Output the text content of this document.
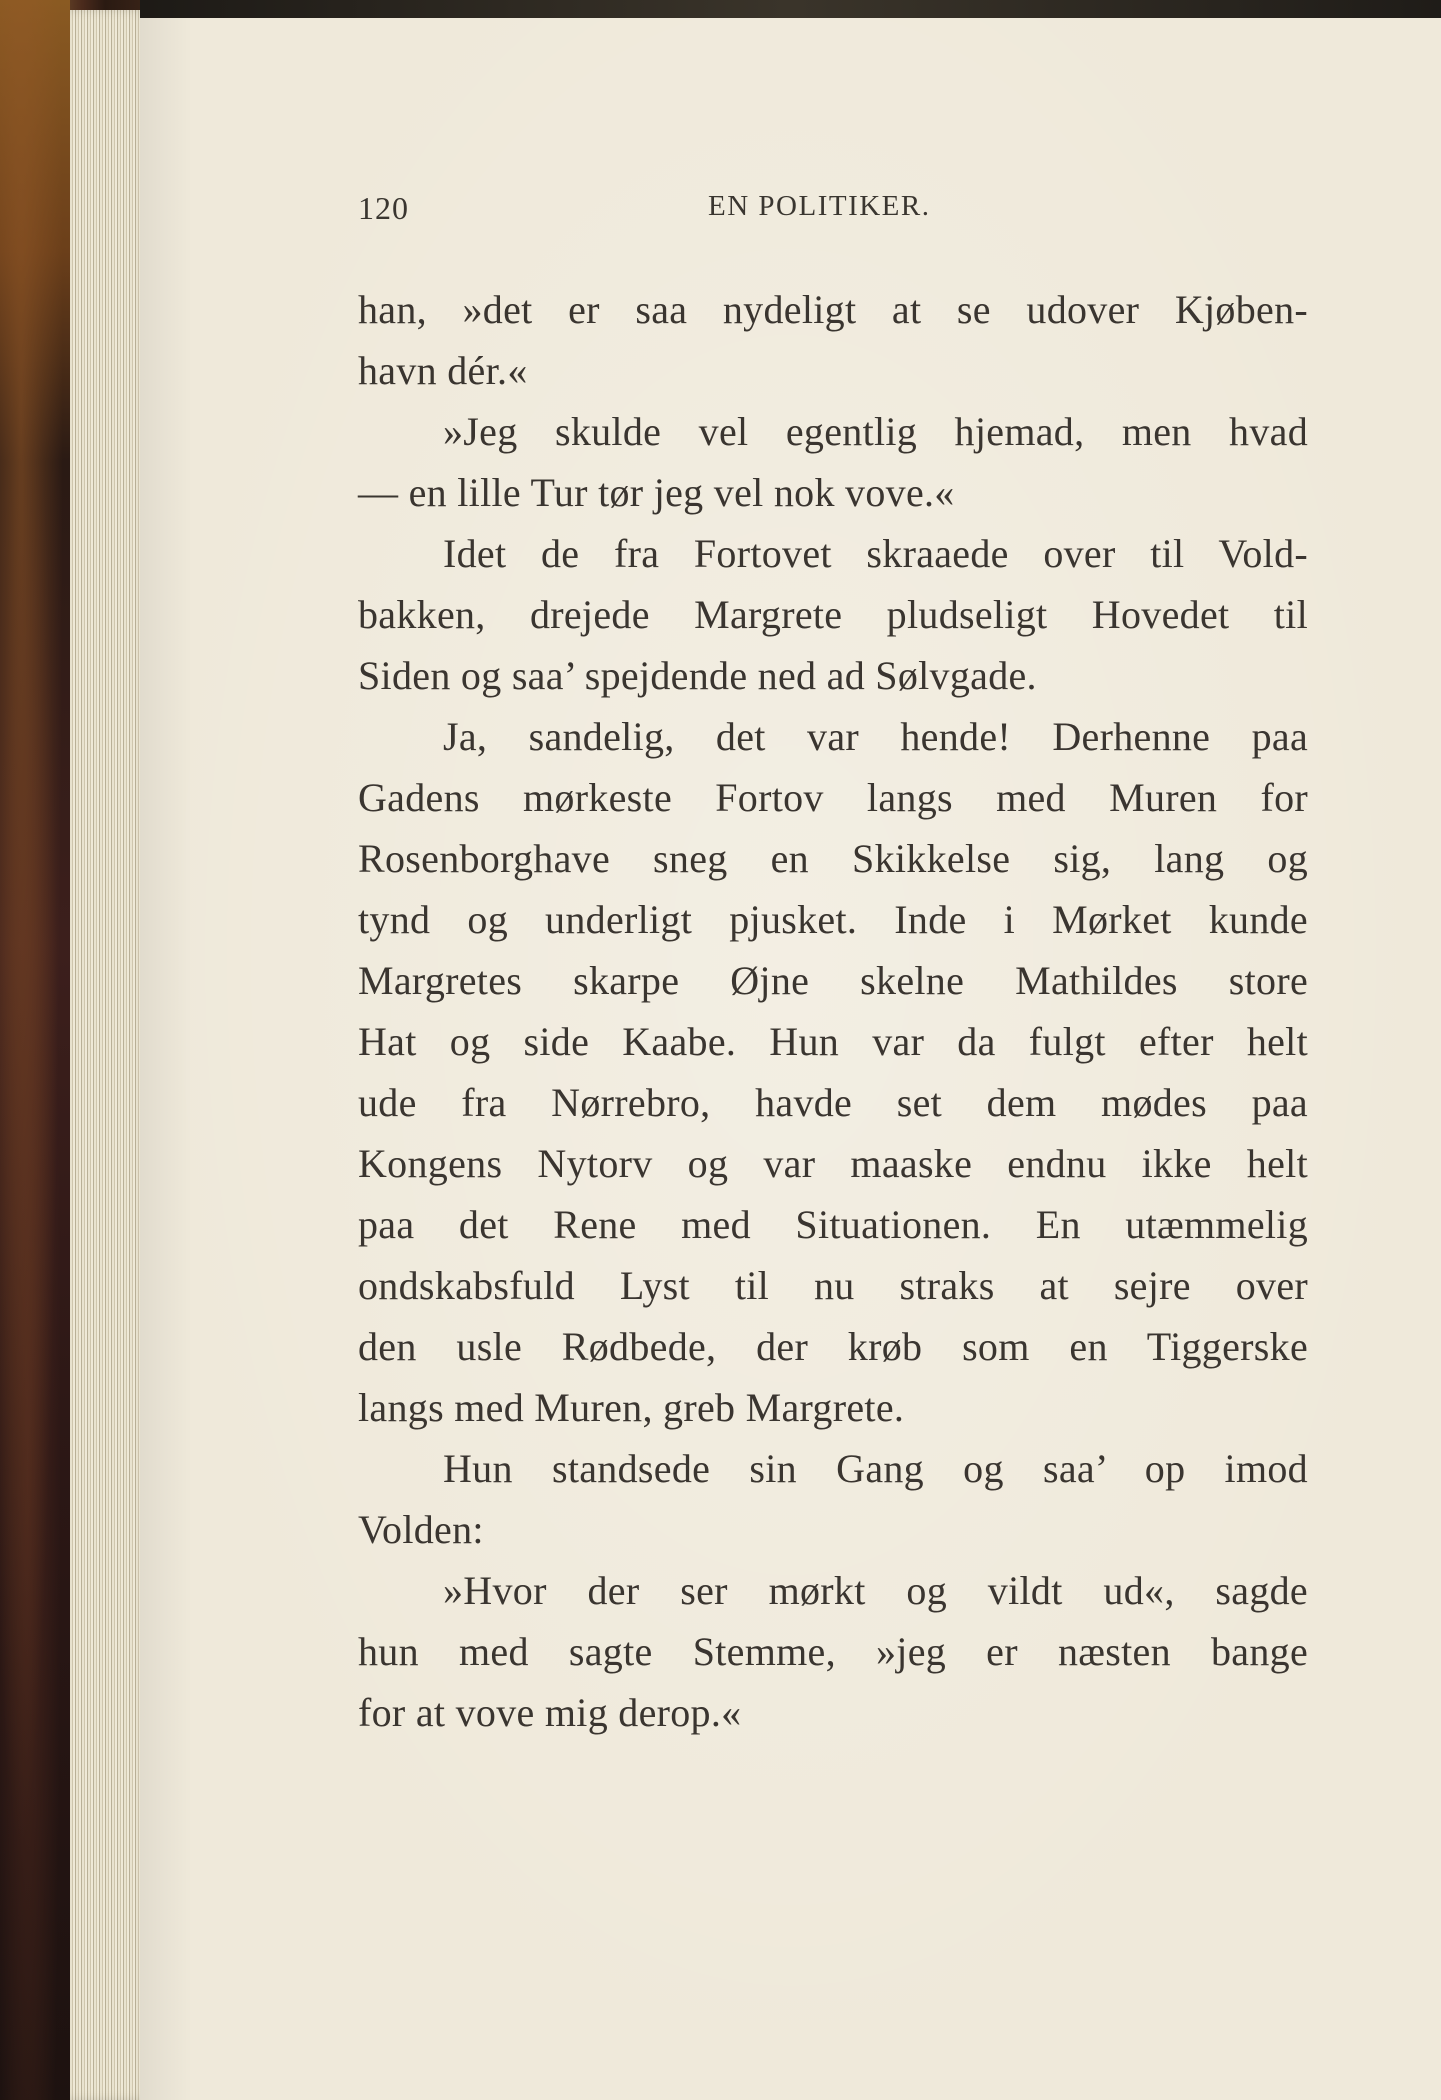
120	EN POLITIKER.
han, »det er saa nydeligt at se udover Kjøben-
havn dér.«
»Jeg skulde vel egentlig hjemad, men hvad
— en lille Tur tør jeg vel nok vove.«
Idet de fra Fortovet skraaede over til Vold-
bakken, drejede Margrete pludseligt Hovedet til
Siden og saa’ spejdende ned ad Sølvgade.
Ja, sandelig, det var hende! Derhenne paa
Gadens mørkeste Fortov langs med Muren for
Rosenborghave sneg en Skikkelse sig, lang og
tynd og underligt pjusket. Inde i Mørket kunde
Margretes skarpe Øjne skelne Mathildes store
Hat og side Kaabe. Hun var da fulgt efter helt
ude fra Nørrebro, havde set dem mødes paa
Kongens Nytorv og var maaske endnu ikke helt
paa det Rene med Situationen. En utæmmelig
ondskabsfuld Lyst til nu straks at sejre over
den usle Rødbede, der krøb som en Tiggerske
langs med Muren, greb Margrete.
Hun standsede sin Gang og saa’ op imod
Volden:
»Hvor der ser mørkt og vildt ud«, sagde
hun med sagte Stemme, »jeg er næsten bange
for at vove mig derop.«
